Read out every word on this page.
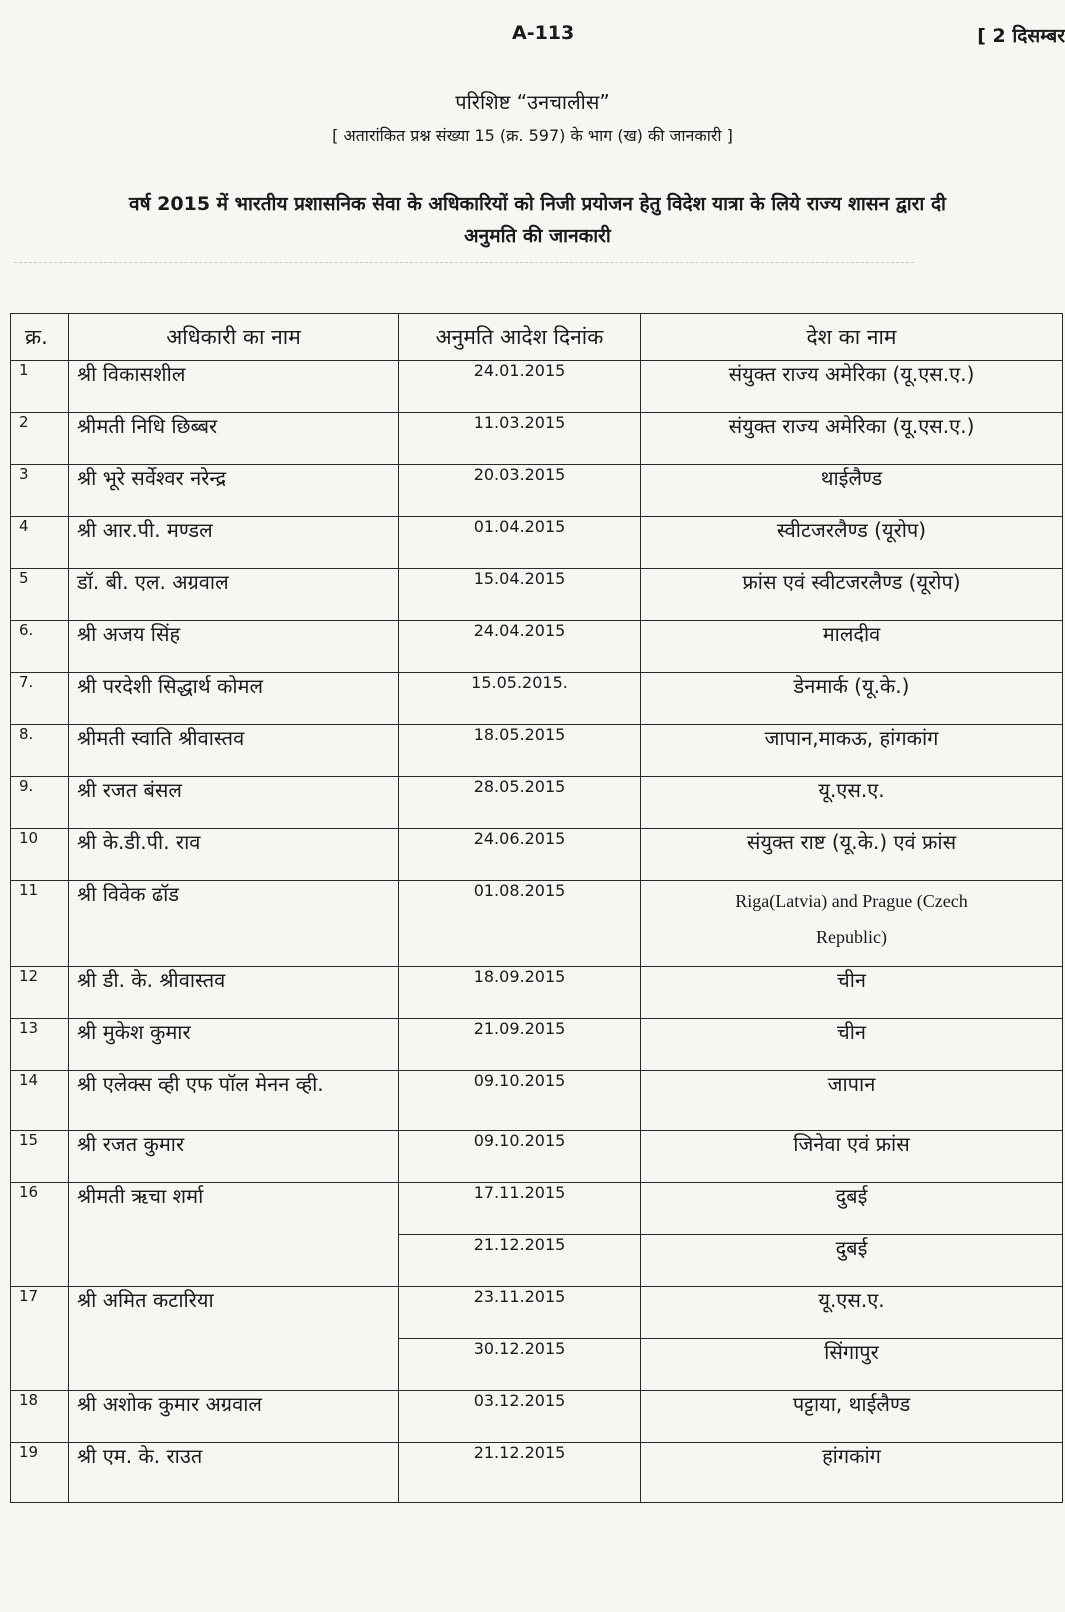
A-113	[ 2 दिसम्बर
परिशिष्ट “उनचालीस”
[ अतारांकित प्रश्न संख्या 15 (क्र. 597) के भाग (ख) की जानकारी ]
वर्ष 2015 में भारतीय प्रशासनिक सेवा के अधिकारियों को निजी प्रयोजन हेतु विदेश यात्रा के लिये राज्य शासन द्वारा दी
अनुमति की जानकारी
क्र.	अधिकारी का नाम	अनुमति आदेश दिनांक	देश का नाम
1	श्री विकासशील	24.01.2015	संयुक्त राज्य अमेरिका (यू.एस.ए.)
2	श्रीमती निधि छिब्बर	11.03.2015	संयुक्त राज्य अमेरिका (यू.एस.ए.)
3	श्री भूरे सर्वेश्वर नरेन्द्र	20.03.2015	थाईलैण्ड
4	श्री आर.पी. मण्डल	01.04.2015	स्वीटजरलैण्ड (यूरोप)
5	डॉ. बी. एल. अग्रवाल	15.04.2015	फ्रांस एवं स्वीटजरलैण्ड (यूरोप)
6.	श्री अजय सिंह	24.04.2015	मालदीव
7.	श्री परदेशी सिद्धार्थ कोमल	15.05.2015.	डेनमार्क (यू.के.)
8.	श्रीमती स्वाति श्रीवास्तव	18.05.2015	जापान,माकऊ, हांगकांग
9.	श्री रजत बंसल	28.05.2015	यू.एस.ए.
10	श्री के.डी.पी. राव	24.06.2015	संयुक्त राष्ट (यू.के.) एवं फ्रांस
11	श्री विवेक ढॉड	01.08.2015	Riga(Latvia) and Prague (Czech
Republic)

12	श्री डी. के. श्रीवास्तव	18.09.2015	चीन
13	श्री मुकेश कुमार	21.09.2015	चीन
14	श्री एलेक्स व्ही एफ पॉल मेनन व्ही.	09.10.2015	जापान
15	श्री रजत कुमार	09.10.2015	जिनेवा एवं फ्रांस
16	श्रीमती ऋचा शर्मा	17.11.2015	दुबई
		21.12.2015	दुबई
17	श्री अमित कटारिया	23.11.2015	यू.एस.ए.
		30.12.2015	सिंगापुर
18	श्री अशोक कुमार अग्रवाल	03.12.2015	पट्टाया, थाईलैण्ड
19	श्री एम. के. राउत	21.12.2015	हांगकांग
